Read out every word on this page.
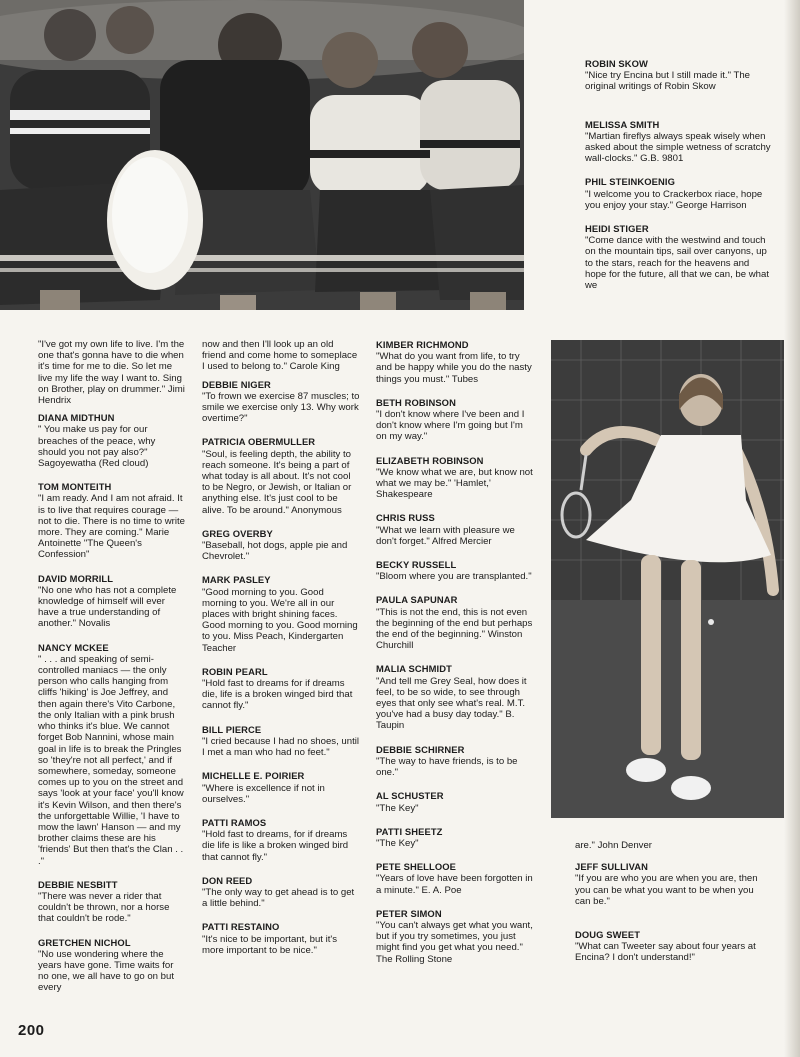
"I've got my own life to live. I'm the one that's gonna have to die when it's time for me to die. So let me live my life the way I want to. Sing on Brother, play on drummer." Jimi Hendrix
DIANA MIDTHUN
" You make us pay for our breaches of the peace, why should you not pay also?" Sagoyewatha (Red cloud)
TOM MONTEITH
"I am ready. And I am not afraid. It is to live that requires courage — not to die. There is no time to write more. They are coming." Marie Antoinette "The Queen's Confession"
DAVID MORRILL
"No one who has not a complete knowledge of himself will ever have a true understanding of another." Novalis
NANCY MCKEE
" . . . and speaking of semi-controlled maniacs — the only person who calls hanging from cliffs 'hiking' is Joe Jeffrey, and then again there's Vito Carbone, the only Italian with a pink brush who thinks it's blue. We cannot forget Bob Nannini, whose main goal in life is to break the Pringles so 'they're not all perfect,' and if somewhere, someday, someone comes up to you on the street and says 'look at your face' you'll know it's Kevin Wilson, and then there's the unforgettable Willie, 'I have to mow the lawn' Hanson — and my brother claims these are his 'friends' But then that's the Clan . . ."
DEBBIE NESBITT
"There was never a rider that couldn't be thrown, nor a horse that couldn't be rode."
GRETCHEN NICHOL
"No use wondering where the years have gone. Time waits for no one, we all have to go on but every
now and then I'll look up an old friend and come home to someplace I used to belong to." Carole King
DEBBIE NIGER
"To frown we exercise 87 muscles; to smile we exercise only 13. Why work overtime?"
PATRICIA OBERMULLER
"Soul, is feeling depth, the ability to reach someone. It's being a part of what today is all about. It's not cool to be Negro, or Jewish, or Italian or anything else. It's just cool to be alive. To be around." Anonymous
GREG OVERBY
"Baseball, hot dogs, apple pie and Chevrolet."
MARK PASLEY
"Good morning to you. Good morning to you. We're all in our places with bright shining faces. Good morning to you. Good morning to you. Miss Peach, Kindergarten Teacher
ROBIN PEARL
"Hold fast to dreams for if dreams die, life is a broken winged bird that cannot fly."
BILL PIERCE
"I cried because I had no shoes, until I met a man who had no feet."
MICHELLE E. POIRIER
"Where is excellence if not in ourselves."
PATTI RAMOS
"Hold fast to dreams, for if dreams die life is like a broken winged bird that cannot fly."
DON REED
"The only way to get ahead is to get a little behind."
PATTI RESTAINO
"It's nice to be important, but it's more important to be nice."
KIMBER RICHMOND
"What do you want from life, to try and be happy while you do the nasty things you must." Tubes
BETH ROBINSON
"I don't know where I've been and I don't know where I'm going but I'm on my way."
ELIZABETH ROBINSON
"We know what we are, but know not what we may be." 'Hamlet,' Shakespeare
CHRIS RUSS
"What we learn with pleasure we don't forget." Alfred Mercier
BECKY RUSSELL
"Bloom where you are transplanted."
PAULA SAPUNAR
"This is not the end, this is not even the beginning of the end but perhaps the end of the beginning." Winston Churchill
MALIA SCHMIDT
"And tell me Grey Seal, how does it feel, to be so wide, to see through eyes that only see what's real. M.T. you've had a busy day today." B. Taupin
DEBBIE SCHIRNER
"The way to have friends, is to be one."
AL SCHUSTER
"The Key"
PATTI SHEETZ
"The Key"
PETE SHELLOOE
"Years of love have been forgotten in a minute." E. A. Poe
PETER SIMON
"You can't always get what you want, but if you try sometimes, you just might find you get what you need." The Rolling Stone
ROBIN SKOW
"Nice try Encina but I still made it." The original writings of Robin Skow
MELISSA SMITH
"Martian fireflys always speak wisely when asked about the simple wetness of scratchy wall-clocks." G.B. 9801
PHIL STEINKOENIG
"I welcome you to Crackerbox riace, hope you enjoy your stay." George Harrison
HEIDI STIGER
"Come dance with the westwind and touch on the mountain tips, sail over canyons, up to the stars, reach for the heavens and hope for the future, all that we can, be what we
are." John Denver
JEFF SULLIVAN
"If you are who you are when you are, then you can be what you want to be when you can be."
DOUG SWEET
"What can Tweeter say about four years at Encina? I don't understand!"
200
